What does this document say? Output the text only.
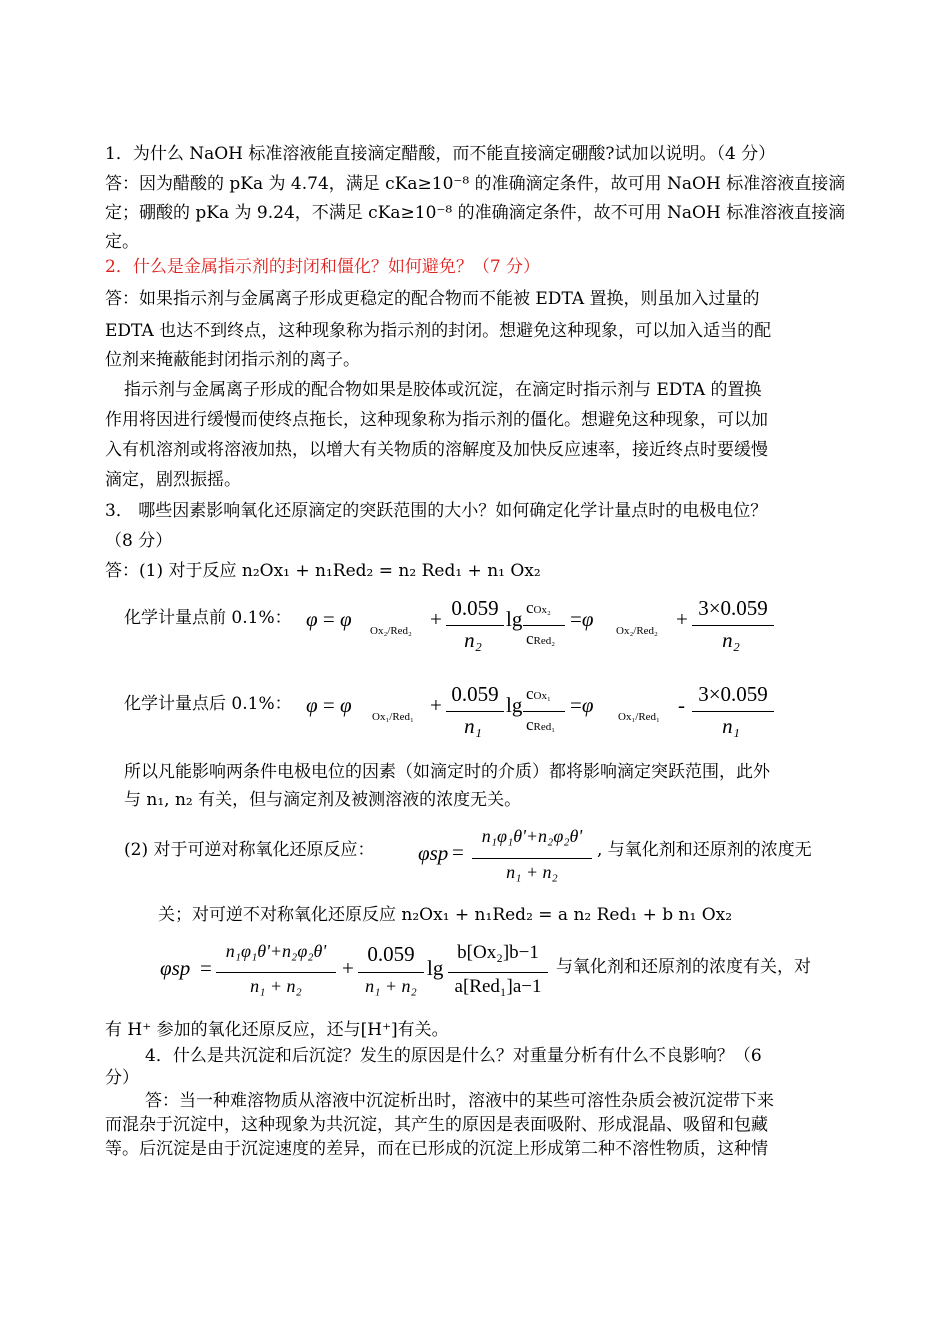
1．为什么 NaOH 标准溶液能直接滴定醋酸，而不能直接滴定硼酸?试加以说明。（4 分）
答：因为醋酸的 pKa 为 4.74，满足 cKa≥10⁻⁸ 的准确滴定条件，故可用 NaOH 标准溶液直接滴
定；硼酸的 pKa 为 9.24，不满足 cKa≥10⁻⁸ 的准确滴定条件，故不可用 NaOH 标准溶液直接滴
定。
2．什么是金属指示剂的封闭和僵化？如何避免？（7 分）
答：如果指示剂与金属离子形成更稳定的配合物而不能被 EDTA 置换，则虽加入过量的
EDTA 也达不到终点，这种现象称为指示剂的封闭。想避免这种现象，可以加入适当的配
位剂来掩蔽能封闭指示剂的离子。
指示剂与金属离子形成的配合物如果是胶体或沉淀，在滴定时指示剂与 EDTA 的置换
作用将因进行缓慢而使终点拖长，这种现象称为指示剂的僵化。想避免这种现象，可以加
入有机溶剂或将溶液加热，以增大有关物质的溶解度及加快反应速率，接近终点时要缓慢
滴定，剧烈振摇。
3． 哪些因素影响氧化还原滴定的突跃范围的大小？如何确定化学计量点时的电极电位？
（8 分）
答：(1) 对于反应 n₂Ox₁ + n₁Red₂ = n₂ Red₁ + n₁ Ox₂
化学计量点前 0.1%： φ = φ Ox₂/Red₂ + 0.059
n₂
lg cOx₂
cRed₂
=φ Ox₂/Red₂ + 3×0.059
n₂
化学计量点后 0.1%： φ = φ Ox₁/Red₁ + 0.059
n₁
lg cOx₁
cRed₁
=φ Ox₁/Red₁ - 3×0.059
n₁
所以凡能影响两条件电极电位的因素（如滴定时的介质）都将影响滴定突跃范围，此外
与 n₁, n₂ 有关，但与滴定剂及被测溶液的浓度无关。
(2) 对于可逆对称氧化还原反应： φsp =
n₁φ₁θ'+n₂φ₂θ'
n₁ + n₂
, 与氧化剂和还原剂的浓度无
关；对可逆不对称氧化还原反应 n₂Ox₁ + n₁Red₂ = a n₂ Red₁ + b n₁ Ox₂
φsp =
n₁φ₁θ'+n₂φ₂θ'
n₁ + n₂
+
0.059
n₁ + n₂
lg
b[Ox₂]b−1
a[Red₁]a−1
与氧化剂和还原剂的浓度有关，对
有 H⁺ 参加的氧化还原反应，还与[H⁺]有关。
4．什么是共沉淀和后沉淀？发生的原因是什么？对重量分析有什么不良影响？（6
分）
答：当一种难溶物质从溶液中沉淀析出时，溶液中的某些可溶性杂质会被沉淀带下来
而混杂于沉淀中，这种现象为共沉淀，其产生的原因是表面吸附、形成混晶、吸留和包藏
等。后沉淀是由于沉淀速度的差异，而在已形成的沉淀上形成第二种不溶性物质，这种情
